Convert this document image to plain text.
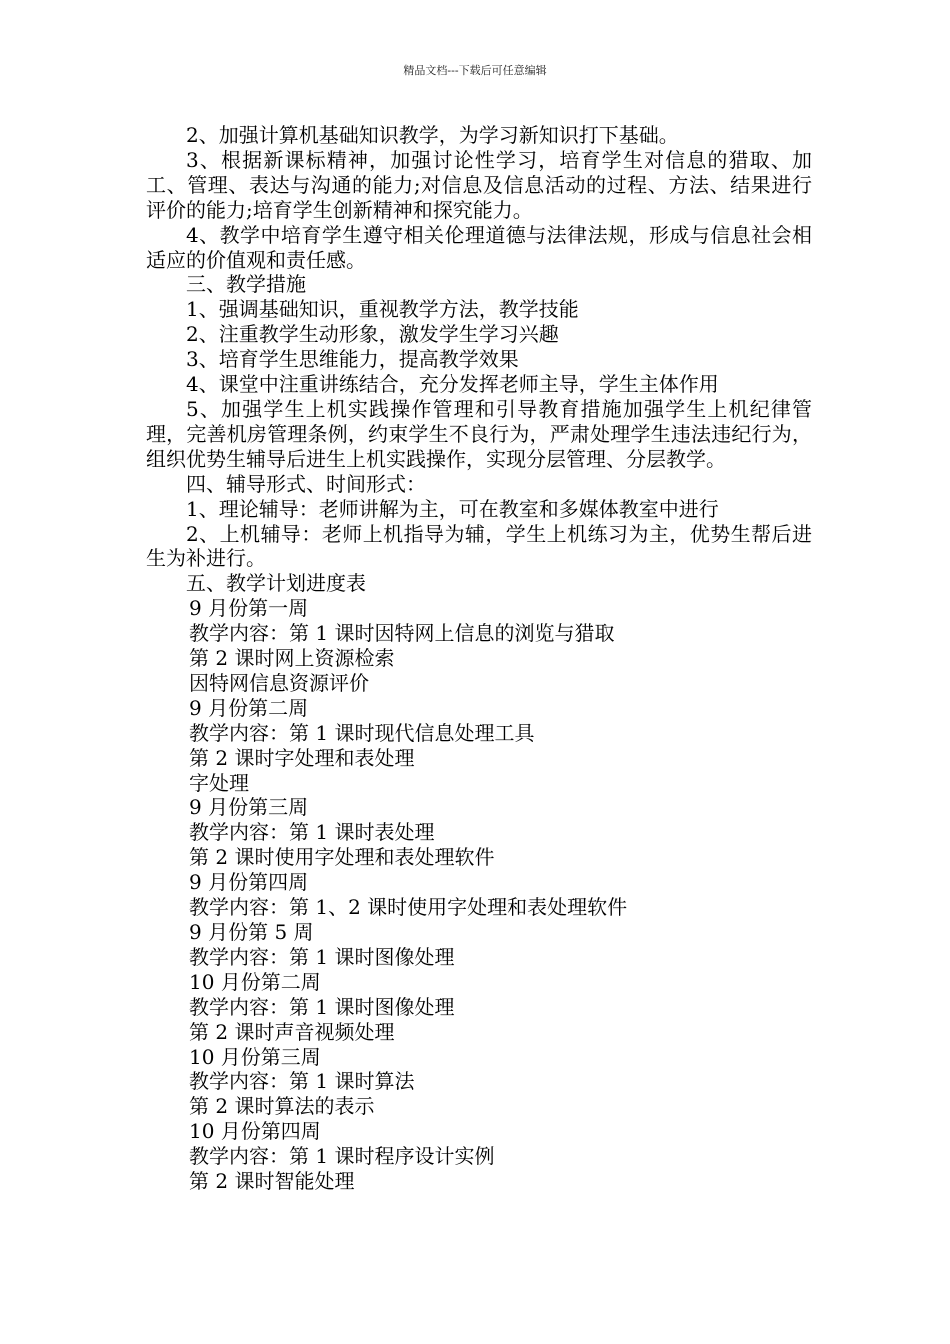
精品文档---下载后可任意编辑

2、加强计算机基础知识教学，为学习新知识打下基础。

3、根据新课标精神，加强讨论性学习，培育学生对信息的猎取、加工、管理、表达与沟通的能力;对信息及信息活动的过程、方法、结果进行评价的能力;培育学生创新精神和探究能力。

4、教学中培育学生遵守相关伦理道德与法律法规，形成与信息社会相适应的价值观和责任感。

三、教学措施

1、强调基础知识，重视教学方法，教学技能

2、注重教学生动形象，激发学生学习兴趣

3、培育学生思维能力，提高教学效果

4、课堂中注重讲练结合，充分发挥老师主导，学生主体作用

5、加强学生上机实践操作管理和引导教育措施加强学生上机纪律管理，完善机房管理条例，约束学生不良行为，严肃处理学生违法违纪行为，组织优势生辅导后进生上机实践操作，实现分层管理、分层教学。

四、辅导形式、时间形式：

1、理论辅导：老师讲解为主，可在教室和多媒体教室中进行

2、上机辅导：老师上机指导为辅，学生上机练习为主，优势生帮后进生为补进行。

五、教学计划进度表

9 月份第一周

教学内容：第 1 课时因特网上信息的浏览与猎取

第 2 课时网上资源检索

因特网信息资源评价

9 月份第二周

教学内容：第 1 课时现代信息处理工具

第 2 课时字处理和表处理

字处理

9 月份第三周

教学内容：第 1 课时表处理

第 2 课时使用字处理和表处理软件

9 月份第四周

教学内容：第 1、2 课时使用字处理和表处理软件

9 月份第 5 周

教学内容：第 1 课时图像处理

10 月份第二周

教学内容：第 1 课时图像处理

第 2 课时声音视频处理

10 月份第三周

教学内容：第 1 课时算法

第 2 课时算法的表示

10 月份第四周

教学内容：第 1 课时程序设计实例

第 2 课时智能处理
